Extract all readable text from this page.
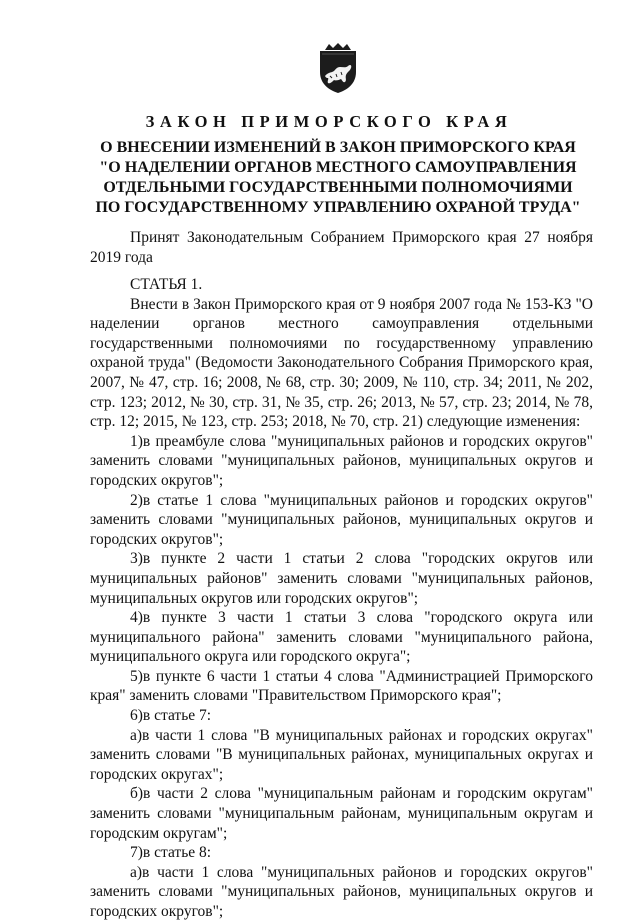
ЗАКОН ПРИМОРСКОГО КРАЯ
О ВНЕСЕНИИ ИЗМЕНЕНИЙ В ЗАКОН ПРИМОРСКОГО КРАЯ
"О НАДЕЛЕНИИ ОРГАНОВ МЕСТНОГО САМОУПРАВЛЕНИЯ
ОТДЕЛЬНЫМИ ГОСУДАРСТВЕННЫМИ ПОЛНОМОЧИЯМИ
ПО ГОСУДАРСТВЕННОМУ УПРАВЛЕНИЮ ОХРАНОЙ ТРУДА"

Принят Законодательным Собранием Приморского края 27 ноября 2019 года

СТАТЬЯ 1.

Внести в Закон Приморского края от 9 ноября 2007 года № 153-КЗ "О наделении органов местного самоуправления отдельными государственными полномочиями по государственному управлению охраной труда" (Ведомости Законодательного Собрания Приморского края, 2007, № 47, стр. 16; 2008, № 68, стр. 30; 2009, № 110, стр. 34; 2011, № 202, стр. 123; 2012, № 30, стр. 31, № 35, стр. 26; 2013, № 57, стр. 23; 2014, № 78, стр. 12; 2015, № 123, стр. 253; 2018, № 70, стр. 21) следующие изменения:

1)в преамбуле слова "муниципальных районов и городских округов" заменить словами "муниципальных районов, муниципальных округов и городских округов";

2)в статье 1 слова "муниципальных районов и городских округов" заменить словами "муниципальных районов, муниципальных округов и городских округов";

3)в пункте 2 части 1 статьи 2 слова "городских округов или муниципальных районов" заменить словами "муниципальных районов, муниципальных округов или городских округов";

4)в пункте 3 части 1 статьи 3 слова "городского округа или муниципального района" заменить словами "муниципального района, муниципального округа или городского округа";

5)в пункте 6 части 1 статьи 4 слова "Администрацией Приморского края" заменить словами "Правительством Приморского края";

6)в статье 7:

а)в части 1 слова "В муниципальных районах и городских округах" заменить словами "В муниципальных районах, муниципальных округах и городских округах";

б)в части 2 слова "муниципальным районам и городским округам" заменить словами "муниципальным районам, муниципальным округам и городским округам";

7)в статье 8:

а)в части 1 слова "муниципальных районов и городских округов" заменить словами "муниципальных районов, муниципальных округов и городских округов";
